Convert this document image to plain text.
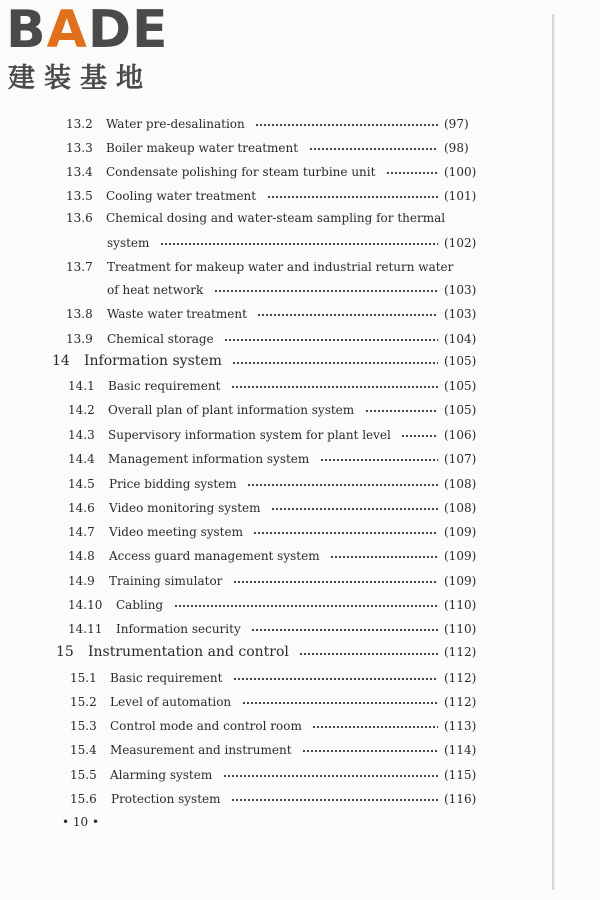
BADE
建装基地
13.2 Water pre-desalination	(97)
13.3 Boiler makeup water treatment	(98)
13.4 Condensate polishing for steam turbine unit	(100)
13.5 Cooling water treatment	(101)
13.6 Chemical dosing and water-steam sampling for thermal
system	(102)
13.7 Treatment for makeup water and industrial return water
of heat network	(103)
13.8 Waste water treatment	(103)
13.9 Chemical storage	(104)
14 Information system	(105)
14.1 Basic requirement	(105)
14.2 Overall plan of plant information system	(105)
14.3 Supervisory information system for plant level	(106)
14.4 Management information system	(107)
14.5 Price bidding system	(108)
14.6 Video monitoring system	(108)
14.7 Video meeting system	(109)
14.8 Access guard management system	(109)
14.9 Training simulator	(109)
14.10 Cabling	(110)
14.11 Information security	(110)
15 Instrumentation and control	(112)
15.1 Basic requirement	(112)
15.2 Level of automation	(112)
15.3 Control mode and control room	(113)
15.4 Measurement and instrument	(114)
15.5 Alarming system	(115)
15.6 Protection system	(116)
• 10 •
